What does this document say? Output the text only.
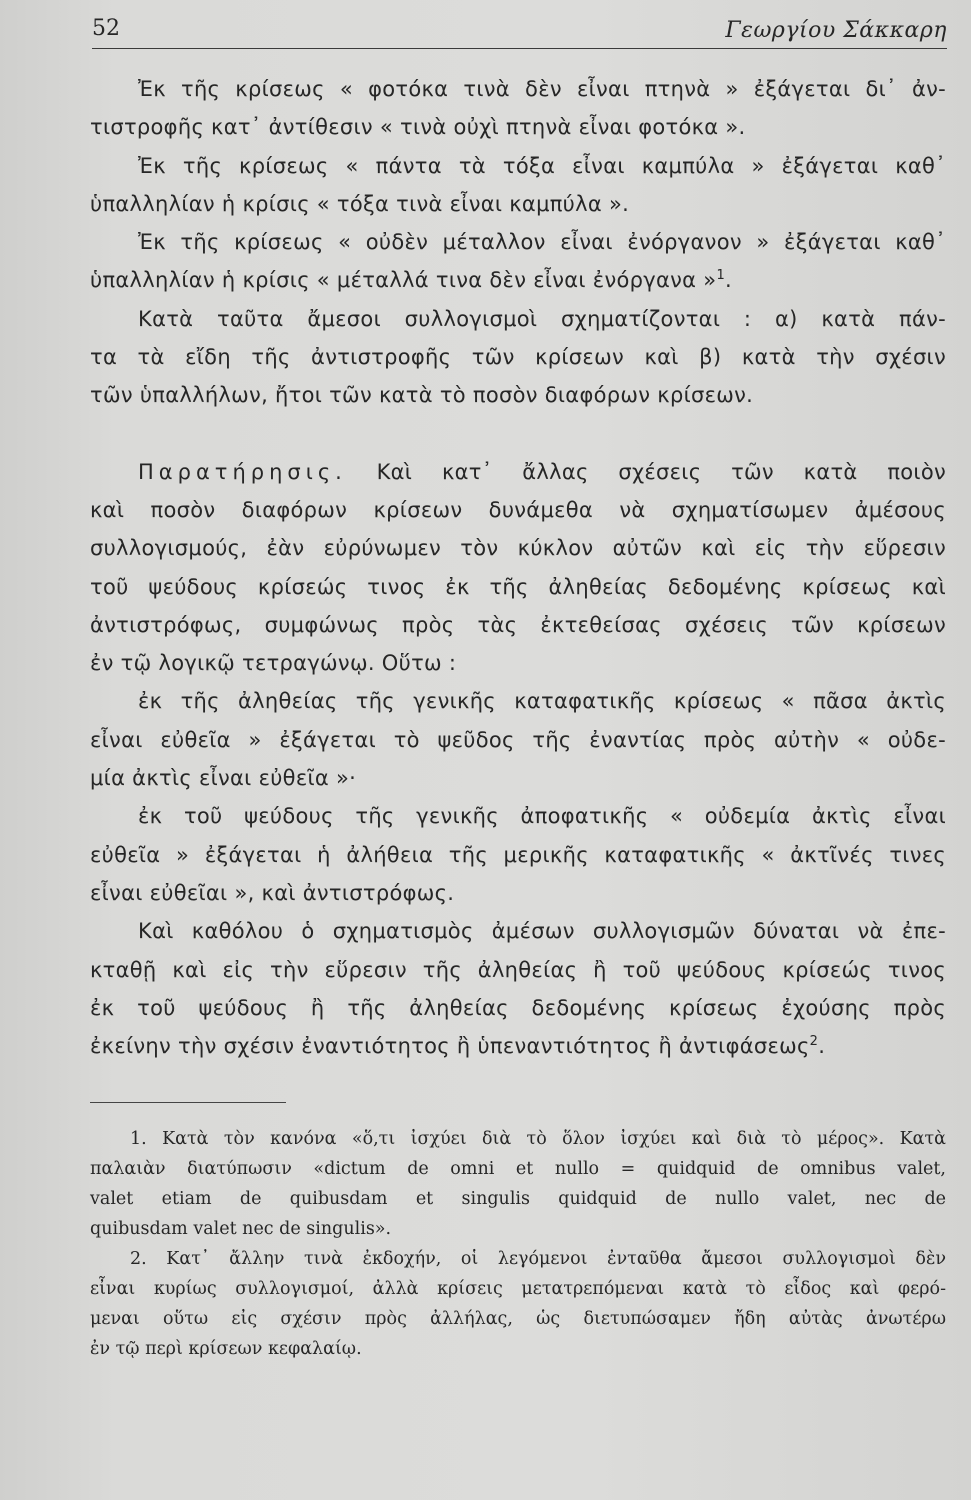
52	Γεωργίου Σάκκαρη
Ἐκ τῆς κρίσεως « φοτόκα τινὰ δὲν εἶναι πτηνὰ » ἐξάγεται δι᾽ ἀν-
τιστροφῆς κατ᾽ ἀντίθεσιν « τινὰ οὐχὶ πτηνὰ εἶναι φοτόκα ».
Ἐκ τῆς κρίσεως « πάντα τὰ τόξα εἶναι καμπύλα » ἐξάγεται καθ᾽
ὑπαλληλίαν ἡ κρίσις « τόξα τινὰ εἶναι καμπύλα ».
Ἐκ τῆς κρίσεως « οὐδὲν μέταλλον εἶναι ἐνόργανον » ἐξάγεται καθ᾽
ὑπαλληλίαν ἡ κρίσις « μέταλλά τινα δὲν εἶναι ἐνόργανα »$^1$.
Κατὰ ταῦτα ἄμεσοι συλλογισμοὶ σχηματίζονται : α) κατὰ πάν-
τα τὰ εἴδη τῆς ἀντιστροφῆς τῶν κρίσεων καὶ β) κατὰ τὴν σχέσιν
τῶν ὑπαλλήλων, ἤτοι τῶν κατὰ τὸ ποσὸν διαφόρων κρίσεων.
Παρατήρησις. Καὶ κατ᾽ ἄλλας σχέσεις τῶν κατὰ ποιὸν
καὶ ποσὸν διαφόρων κρίσεων δυνάμεθα νὰ σχηματίσωμεν ἀμέσους
συλλογισμούς, ἐὰν εὐρύνωμεν τὸν κύκλον αὐτῶν καὶ εἰς τὴν εὕρεσιν
τοῦ ψεύδους κρίσεώς τινος ἐκ τῆς ἀληθείας δεδομένης κρίσεως καὶ
ἀντιστρόφως, συμφώνως πρὸς τὰς ἐκτεθείσας σχέσεις τῶν κρίσεων
ἐν τῷ λογικῷ τετραγώνῳ. Οὕτω :
ἐκ τῆς ἀληθείας τῆς γενικῆς καταφατικῆς κρίσεως « πᾶσα ἀκτὶς
εἶναι εὐθεῖα » ἐξάγεται τὸ ψεῦδος τῆς ἐναντίας πρὸς αὐτὴν « οὐδε-
μία ἀκτὶς εἶναι εὐθεῖα »·
ἐκ τοῦ ψεύδους τῆς γενικῆς ἀποφατικῆς « οὐδεμία ἀκτὶς εἶναι
εὐθεῖα » ἐξάγεται ἡ ἀλήθεια τῆς μερικῆς καταφατικῆς « ἀκτῖνές τινες
εἶναι εὐθεῖαι », καὶ ἀντιστρόφως.
Καὶ καθόλου ὁ σχηματισμὸς ἀμέσων συλλογισμῶν δύναται νὰ ἐπε-
κταθῇ καὶ εἰς τὴν εὕρεσιν τῆς ἀληθείας ἢ τοῦ ψεύδους κρίσεώς τινος
ἐκ τοῦ ψεύδους ἢ τῆς ἀληθείας δεδομένης κρίσεως ἐχούσης πρὸς
ἐκείνην τὴν σχέσιν ἐναντιότητος ἢ ὑπεναντιότητος ἢ ἀντιφάσεως$^2$.
1. Κατὰ τὸν κανόνα «ὅ,τι ἰσχύει διὰ τὸ ὅλον ἰσχύει καὶ διὰ τὸ μέρος». Κατὰ
παλαιὰν διατύπωσιν «dictum de omni et nullo = quidquid de omnibus valet,
valet etiam de quibusdam et singulis quidquid de nullo valet, nec de
quibusdam valet nec de singulis».
2. Κατ᾽ ἄλλην τινὰ ἐκδοχήν, οἱ λεγόμενοι ἐνταῦθα ἄμεσοι συλλογισμοὶ δὲν
εἶναι κυρίως συλλογισμοί, ἀλλὰ κρίσεις μετατρεπόμεναι κατὰ τὸ εἶδος καὶ φερό-
μεναι οὕτω εἰς σχέσιν πρὸς ἀλλήλας, ὡς διετυπώσαμεν ἤδη αὐτὰς ἀνωτέρω
ἐν τῷ περὶ κρίσεων κεφαλαίῳ.
